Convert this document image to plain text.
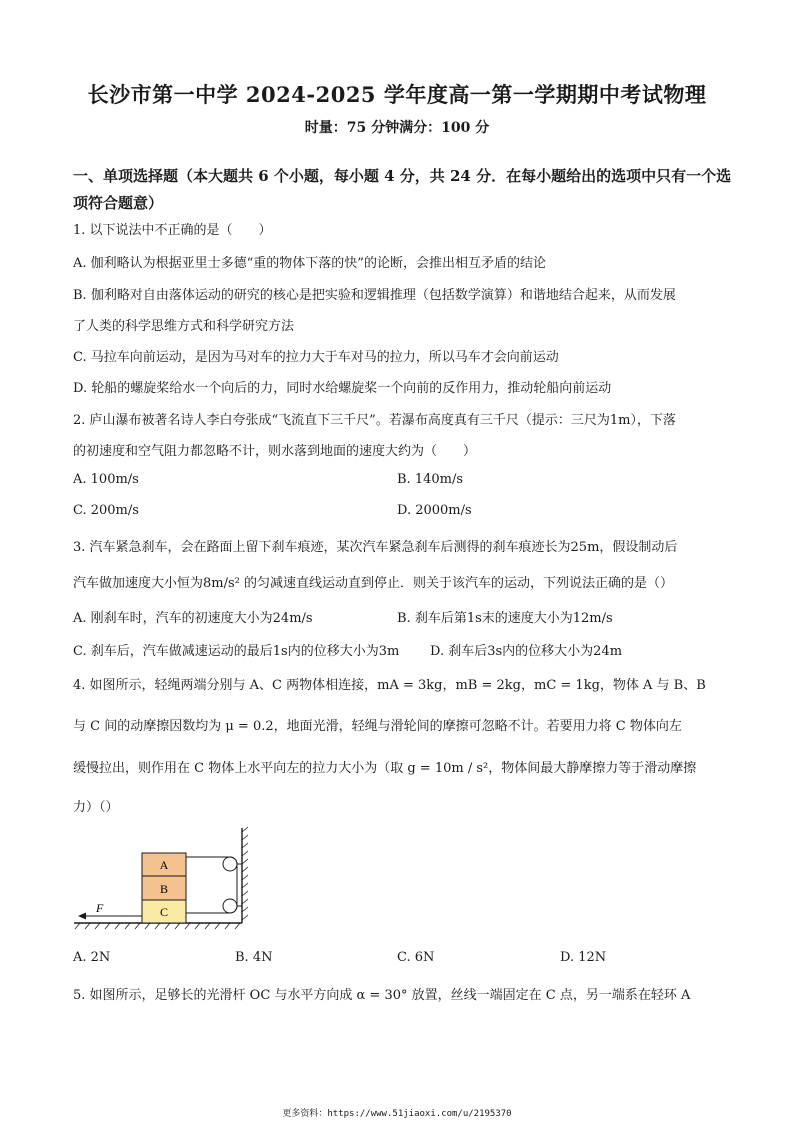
长沙市第一中学 2024-2025 学年度高一第一学期期中考试物理
时量：75 分钟满分：100 分
一、单项选择题（本大题共 6 个小题，每小题 4 分，共 24 分．在每小题给出的选项中只有一个选项符合题意）
1. 以下说法中不正确的是（　　）
A. 伽利略认为根据亚里士多德“重的物体下落的快”的论断，会推出相互矛盾的结论
B. 伽利略对自由落体运动的研究的核心是把实验和逻辑推理（包括数学演算）和谐地结合起来，从而发展
了人类的科学思维方式和科学研究方法
C. 马拉车向前运动，是因为马对车的拉力大于车对马的拉力，所以马车才会向前运动
D. 轮船的螺旋桨给水一个向后的力，同时水给螺旋桨一个向前的反作用力，推动轮船向前运动
2. 庐山瀑布被著名诗人李白夸张成“飞流直下三千尺”。若瀑布高度真有三千尺（提示：三尺为1m），下落
的初速度和空气阻力都忽略不计，则水落到地面的速度大约为（　　）
A. 100m/s	B. 140m/s
C. 200m/s	D. 2000m/s
3. 汽车紧急刹车，会在路面上留下刹车痕迹，某次汽车紧急刹车后测得的刹车痕迹长为25m，假设制动后
汽车做加速度大小恒为8m/s² 的匀减速直线运动直到停止．则关于该汽车的运动，下列说法正确的是（）
A. 刚刹车时，汽车的初速度大小为24m/s	B. 刹车后第1s末的速度大小为12m/s
C. 刹车后，汽车做减速运动的最后1s内的位移大小为3m D. 刹车后3s内的位移大小为24m
4. 如图所示，轻绳两端分别与 A、C 两物体相连接，mA = 3kg，mB = 2kg，mC = 1kg，物体 A 与 B、B
与 C 间的动摩擦因数均为 μ = 0.2，地面光滑，轻绳与滑轮间的摩擦可忽略不计。若要用力将 C 物体向左
缓慢拉出，则作用在 C 物体上水平向左的拉力大小为（取 g = 10m / s²，物体间最大静摩擦力等于滑动摩擦
力）（）
A
B
C
F
A. 2N	B. 4N	C. 6N	D. 12N
5. 如图所示，足够长的光滑杆 OC 与水平方向成 α = 30° 放置，丝线一端固定在 C 点，另一端系在轻环 A
更多资料：https://www.51jiaoxi.com/u/2195370
